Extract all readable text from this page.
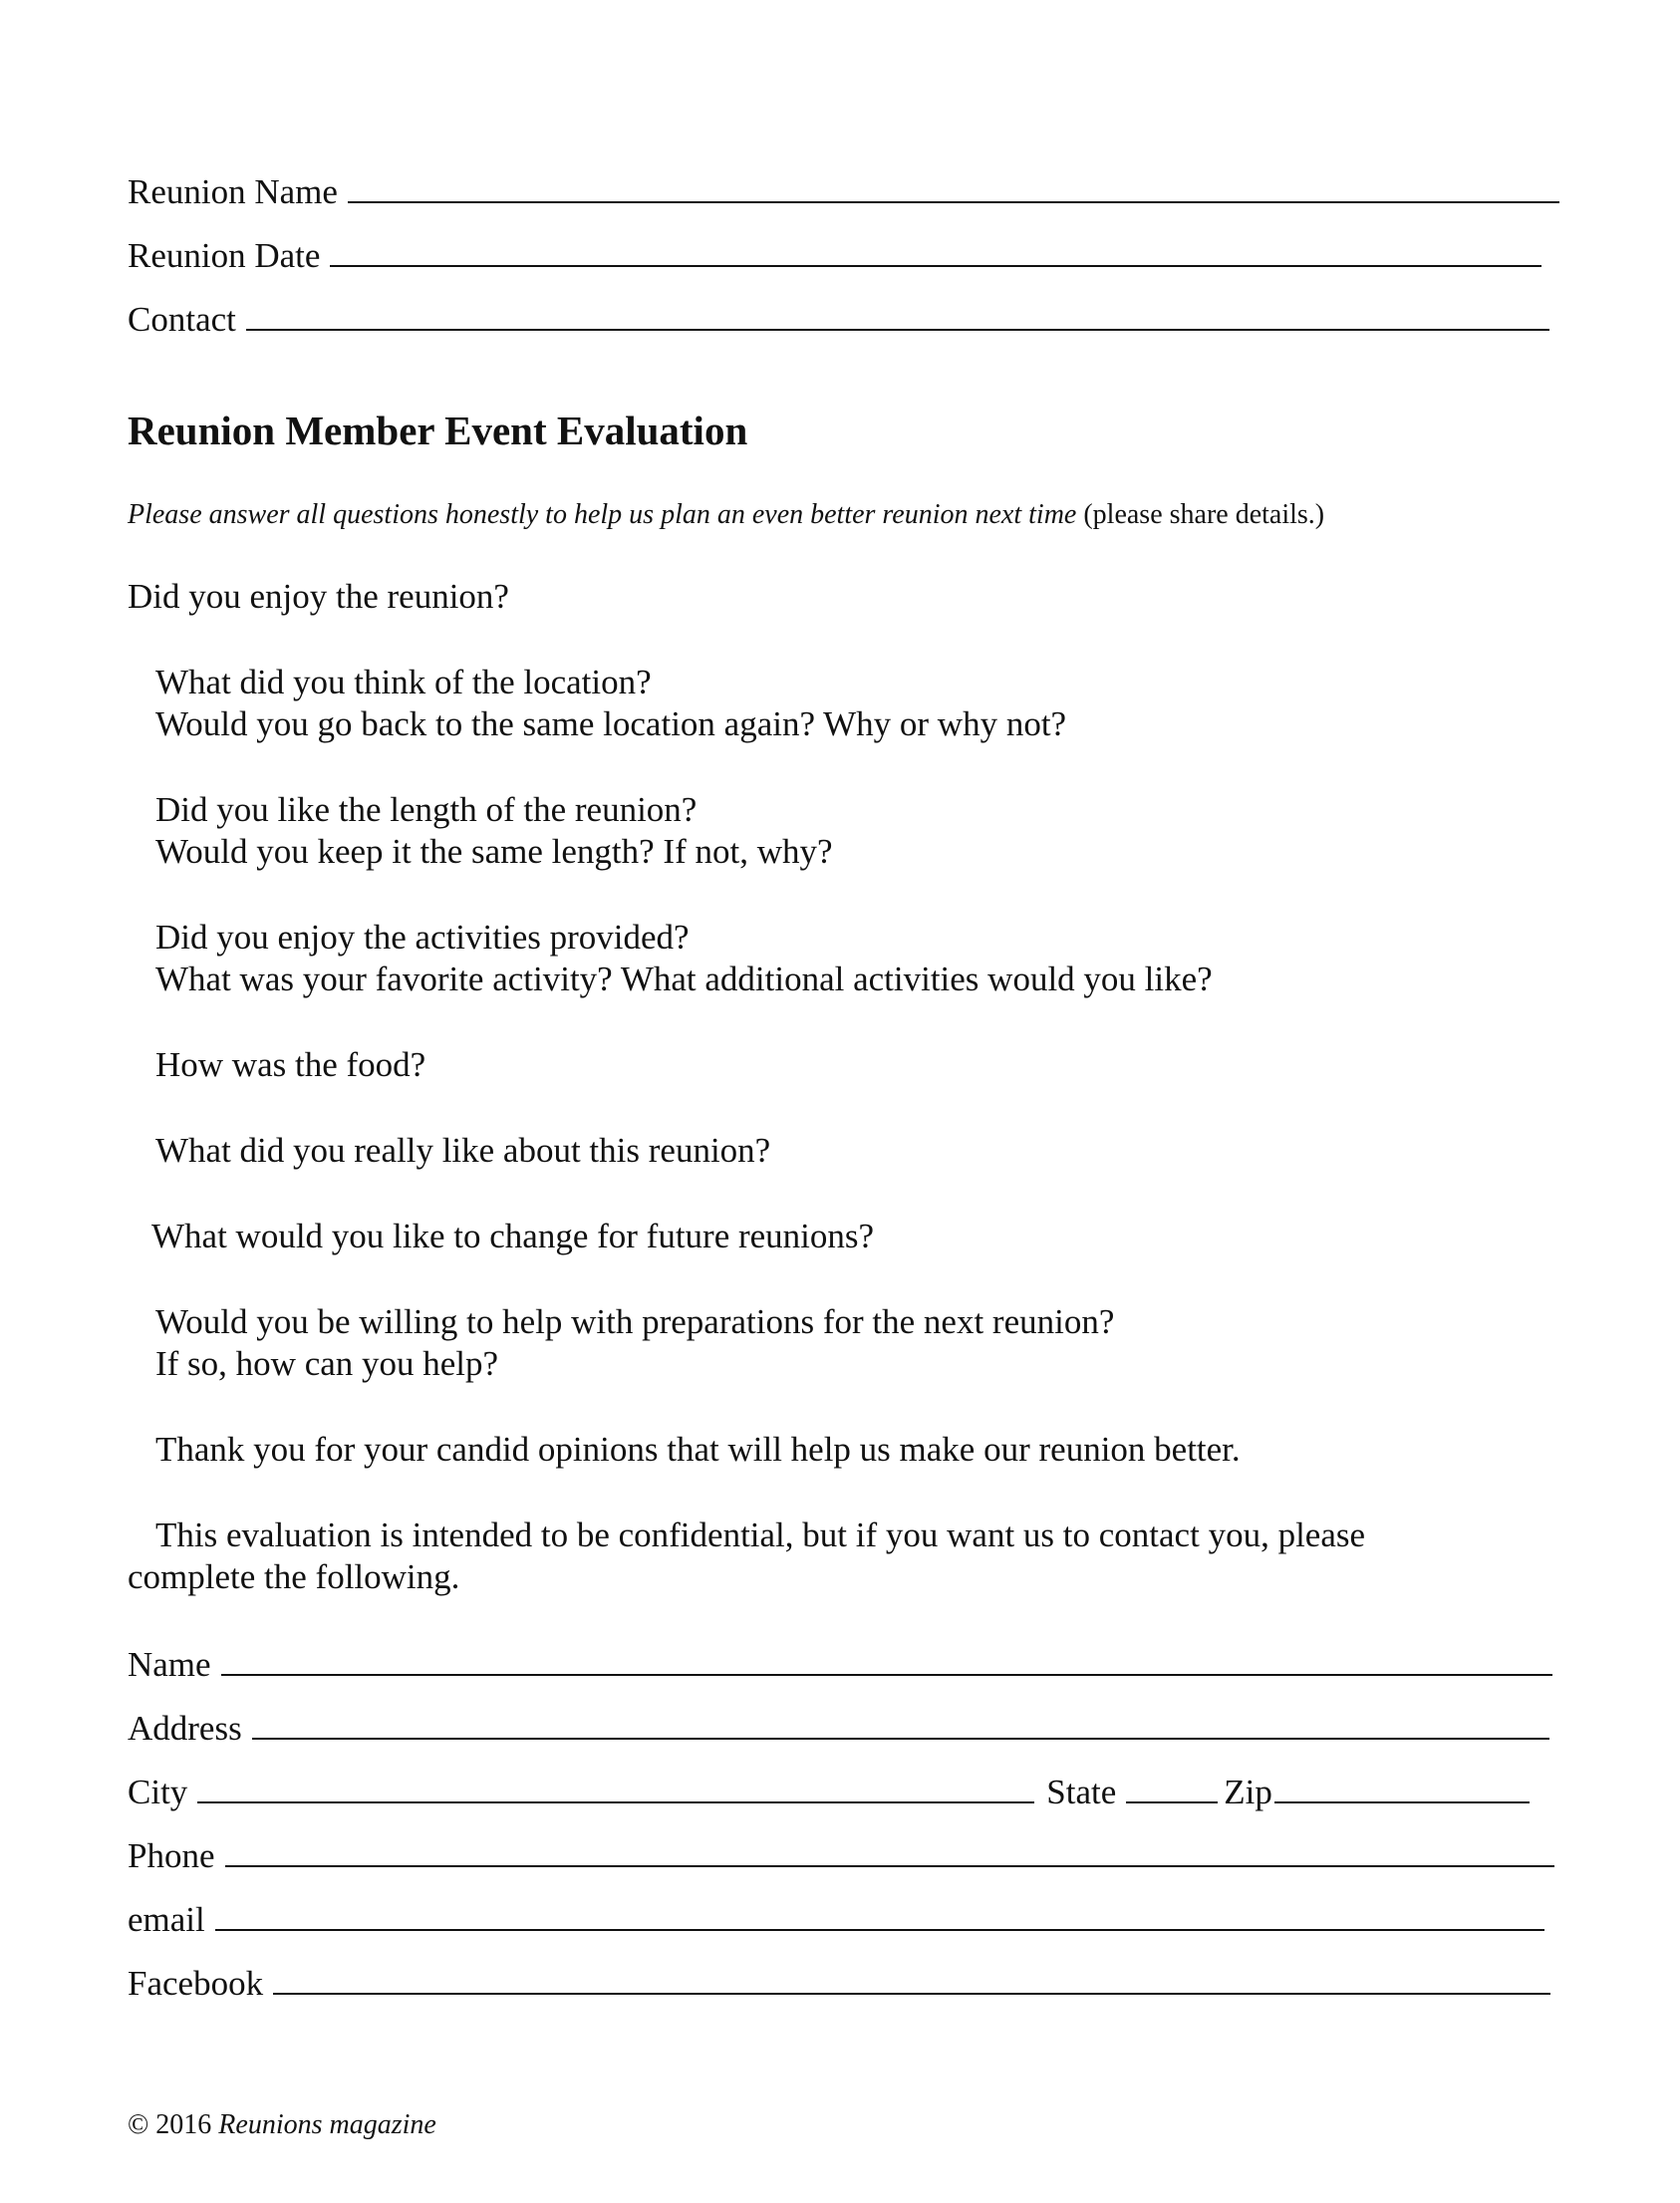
Reunion Name
Reunion Date
Contact
Reunion Member Event Evaluation
Please answer all questions honestly to help us plan an even better reunion next time (please share details.)
Did you enjoy the reunion?
What did you think of the location?
Would you go back to the same location again? Why or why not?
Did you like the length of the reunion?
Would you keep it the same length? If not, why?
Did you enjoy the activities provided?
What was your favorite activity? What additional activities would you like?
How was the food?
What did you really like about this reunion?
What would you like to change for future reunions?
Would you be willing to help with preparations for the next reunion?
If so, how can you help?
Thank you for your candid opinions that will help us make our reunion better.
This evaluation is intended to be confidential, but if you want us to contact you, please
complete the following.
Name
Address
City	State	Zip
Phone
email
Facebook
© 2016 Reunions magazine
